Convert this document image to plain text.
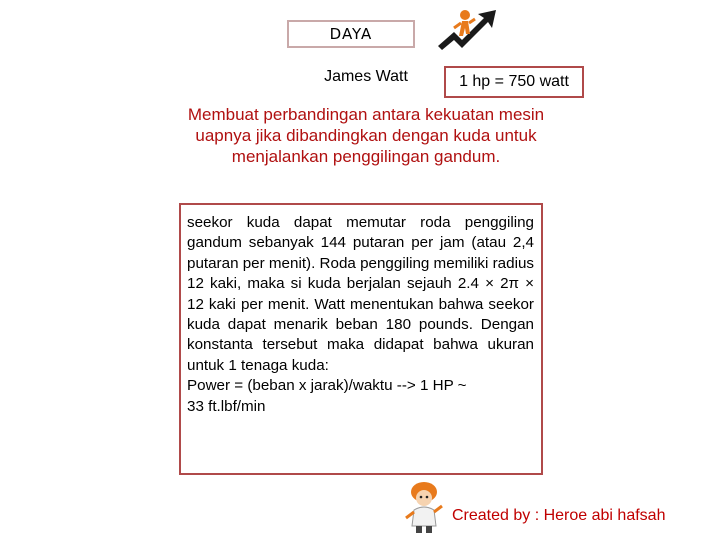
DAYA
James Watt	1 hp = 750 watt
Membuat perbandingan antara kekuatan mesin uapnya jika dibandingkan dengan kuda untuk menjalankan penggilingan gandum.

seekor kuda dapat memutar roda penggiling gandum sebanyak 144 putaran per jam (atau 2,4 putaran per menit). Roda penggiling memiliki radius 12 kaki, maka si kuda berjalan sejauh 2.4 × 2π × 12 kaki per menit. Watt menentukan bahwa seekor kuda dapat menarik beban 180 pounds. Dengan konstanta tersebut maka didapat bahwa ukuran untuk 1 tenaga kuda:

Power = (beban x jarak)/waktu --> 1 HP ~

33 ft.lbf/min

Created by : Heroe abi hafsah
